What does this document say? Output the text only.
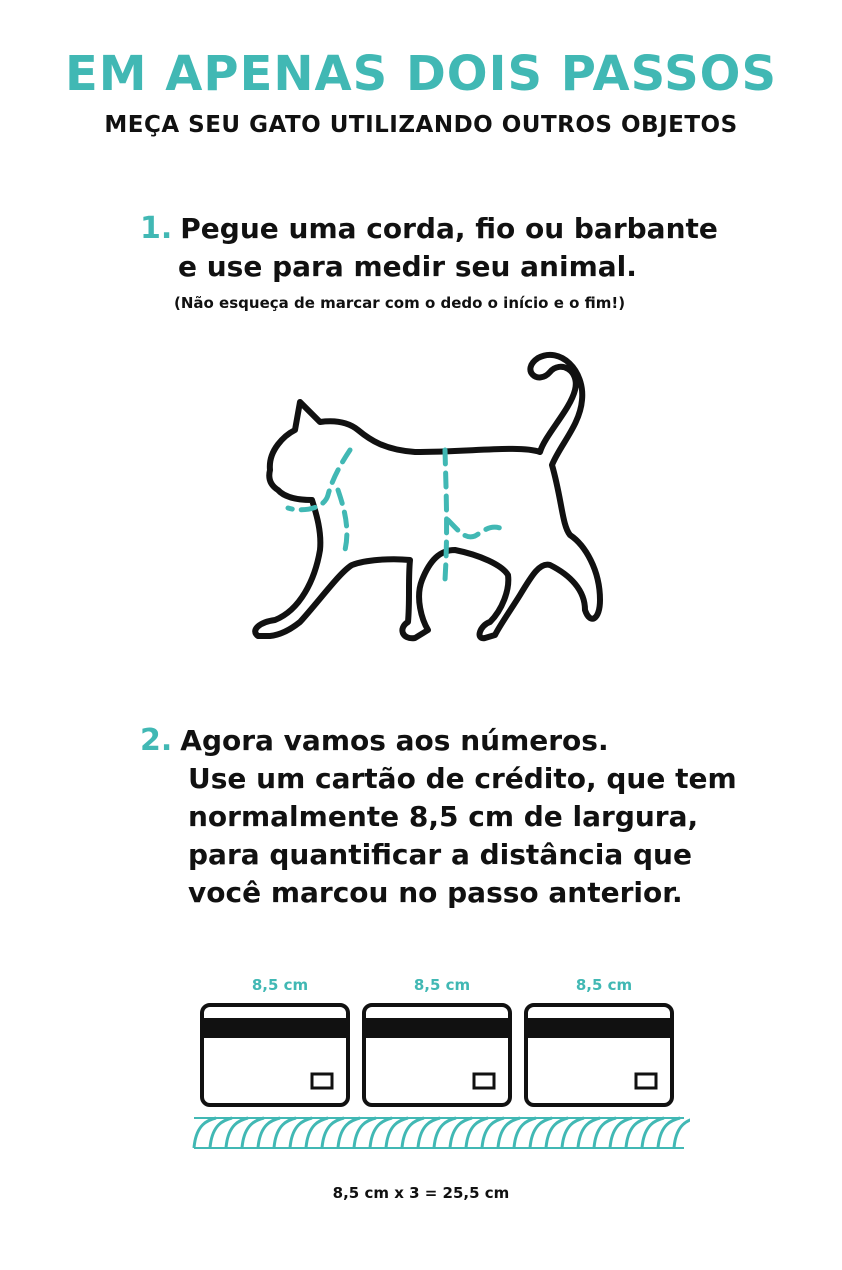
EM APENAS DOIS PASSOS
MEÇA SEU GATO UTILIZANDO OUTROS OBJETOS
1. Pegue uma corda, fio ou barbante
e use para medir seu animal.
(Não esqueça de marcar com o dedo o início e o fim!)
2. Agora vamos aos números.
Use um cartão de crédito, que tem
normalmente 8,5 cm de largura,
para quantificar a distância que
você marcou no passo anterior.
8,5 cm	8,5 cm	8,5 cm
8,5 cm x 3 = 25,5 cm
